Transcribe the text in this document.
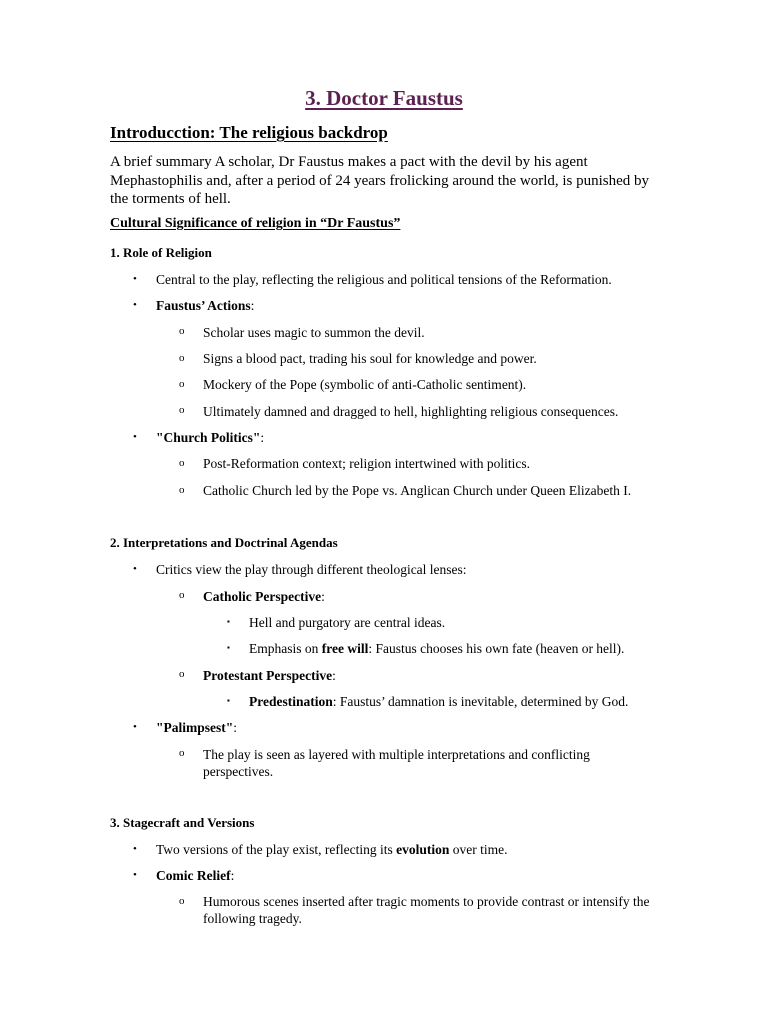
3. Doctor Faustus
Introducction: The religious backdrop
A brief summary A scholar, Dr Faustus makes a pact with the devil by his agent Mephastophilis and, after a period of 24 years frolicking around the world, is punished by the torments of hell.
Cultural Significance of religion in “Dr Faustus”
1. Role of Religion
• Central to the play, reflecting the religious and political tensions of the Reformation.
• Faustus’ Actions:
o Scholar uses magic to summon the devil.
o Signs a blood pact, trading his soul for knowledge and power.
o Mockery of the Pope (symbolic of anti-Catholic sentiment).
o Ultimately damned and dragged to hell, highlighting religious consequences.
• "Church Politics":
o Post-Reformation context; religion intertwined with politics.
o Catholic Church led by the Pope vs. Anglican Church under Queen Elizabeth I.
2. Interpretations and Doctrinal Agendas
• Critics view the play through different theological lenses:
o Catholic Perspective:
▪ Hell and purgatory are central ideas.
▪ Emphasis on free will: Faustus chooses his own fate (heaven or hell).
o Protestant Perspective:
▪ Predestination: Faustus’ damnation is inevitable, determined by God.
• "Palimpsest":
o The play is seen as layered with multiple interpretations and conflicting perspectives.
3. Stagecraft and Versions
• Two versions of the play exist, reflecting its evolution over time.
• Comic Relief:
o Humorous scenes inserted after tragic moments to provide contrast or intensify the following tragedy.
